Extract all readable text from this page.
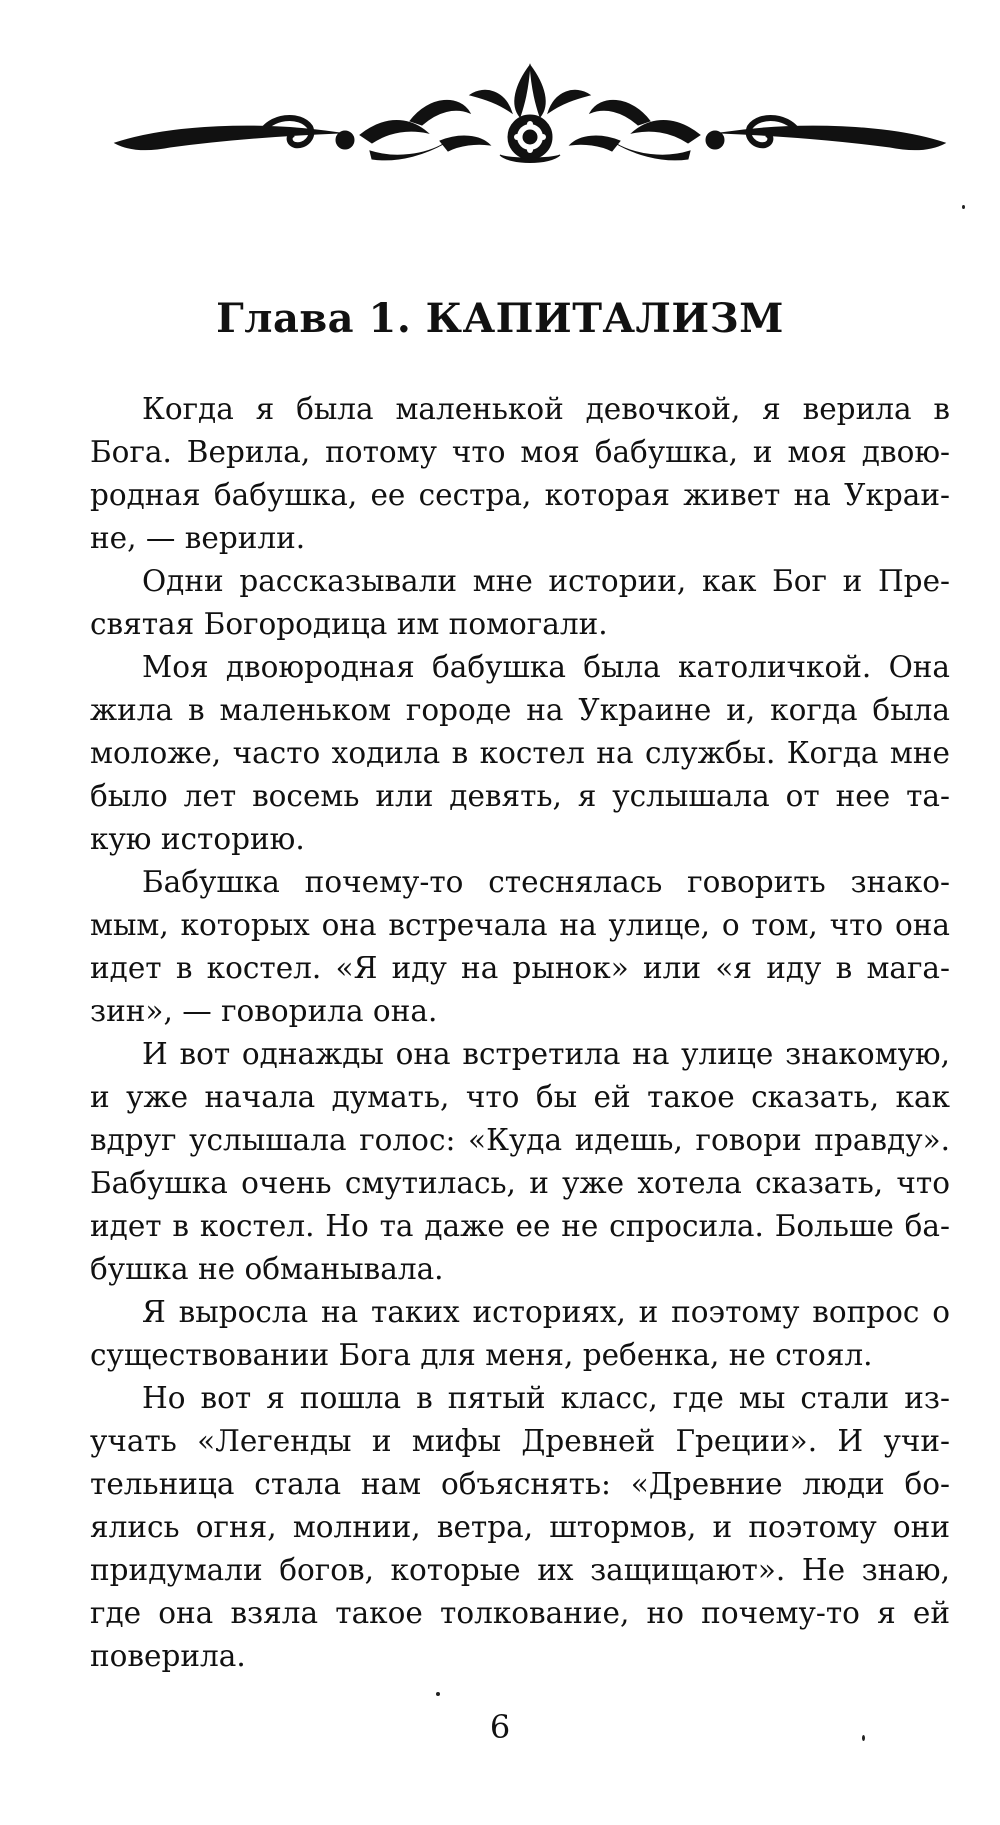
Глава 1. КАПИТАЛИЗМ

Когда я была маленькой девочкой, я верила в
Бога. Верила, потому что моя бабушка, и моя двою-
родная бабушка, ее сестра, которая живет на Украи-
не, — верили.

Одни рассказывали мне истории, как Бог и Пре-
святая Богородица им помогали.

Моя двоюродная бабушка была католичкой. Она
жила в маленьком городе на Украине и, когда была
моложе, часто ходила в костел на службы. Когда мне
было лет восемь или девять, я услышала от нее та-
кую историю.

Бабушка почему-то стеснялась говорить знако-
мым, которых она встречала на улице, о том, что она
идет в костел. «Я иду на рынок» или «я иду в мага-
зин», — говорила она.

И вот однажды она встретила на улице знакомую,
и уже начала думать, что бы ей такое сказать, как
вдруг услышала голос: «Куда идешь, говори правду».
Бабушка очень смутилась, и уже хотела сказать, что
идет в костел. Но та даже ее не спросила. Больше ба-
бушка не обманывала.

Я выросла на таких историях, и поэтому вопрос о
существовании Бога для меня, ребенка, не стоял.

Но вот я пошла в пятый класс, где мы стали из-
учать «Легенды и мифы Древней Греции». И учи-
тельница стала нам объяснять: «Древние люди бо-
ялись огня, молнии, ветра, штормов, и поэтому они
придумали богов, которые их защищают». Не знаю,
где она взяла такое толкование, но почему-то я ей
поверила.

6
